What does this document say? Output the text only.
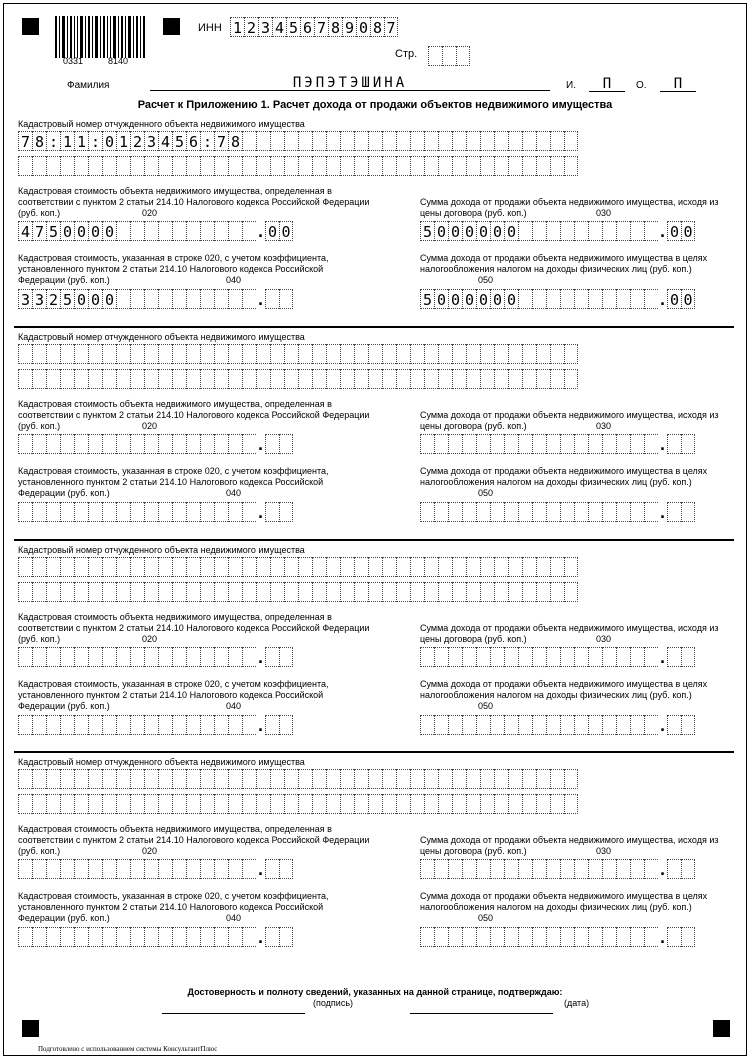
0331	8140
ИНН 1 2 3 4 5 6 7 8 9 0 8 7
Стр.
Фамилия	ПЭПЭТЭШИНА	И.	П	О.	П
Расчет к Приложению 1. Расчет дохода от продажи объектов недвижимого имущества
Кадастровый номер отчужденного объекта недвижимого имущества
7 8 : 1 1 : 0 1 2 3 4 5 6 : 7 8
Кадастровая стоимость объекта недвижимого имущества, определенная в соответствии с пунктом 2 статьи 214.10 Налогового кодекса Российской Федерации (руб. коп.)	020
4 7 5 0 0 0 0	. 0 0
Сумма дохода от продажи объекта недвижимого имущества, исходя из цены договора (руб. коп.)	030
5 0 0 0 0 0 0	. 0 0
Кадастровая стоимость, указанная в строке 020, с учетом коэффициента, установленного пунктом 2 статьи 214.10 Налогового кодекса Российской Федерации (руб. коп.)	040
3 3 2 5 0 0 0	.
Сумма дохода от продажи объекта недвижимого имущества в целях налогообложения налогом на доходы физических лиц (руб. коп.)
050
5 0 0 0 0 0 0	. 0 0
Кадастровый номер отчужденного объекта недвижимого имущества
Кадастровая стоимость объекта недвижимого имущества, определенная в соответствии с пунктом 2 статьи 214.10 Налогового кодекса Российской Федерации (руб. коп.)	020
.
Сумма дохода от продажи объекта недвижимого имущества, исходя из цены договора (руб. коп.)	030
.
Кадастровая стоимость, указанная в строке 020, с учетом коэффициента, установленного пунктом 2 статьи 214.10 Налогового кодекса Российской Федерации (руб. коп.)	040
.
Сумма дохода от продажи объекта недвижимого имущества в целях налогообложения налогом на доходы физических лиц (руб. коп.)
050
.
Кадастровый номер отчужденного объекта недвижимого имущества
Кадастровая стоимость объекта недвижимого имущества, определенная в соответствии с пунктом 2 статьи 214.10 Налогового кодекса Российской Федерации (руб. коп.)	020
.
Сумма дохода от продажи объекта недвижимого имущества, исходя из цены договора (руб. коп.)	030
.
Кадастровая стоимость, указанная в строке 020, с учетом коэффициента, установленного пунктом 2 статьи 214.10 Налогового кодекса Российской Федерации (руб. коп.)	040
.
Сумма дохода от продажи объекта недвижимого имущества в целях налогообложения налогом на доходы физических лиц (руб. коп.)
050
.
Кадастровый номер отчужденного объекта недвижимого имущества
Кадастровая стоимость объекта недвижимого имущества, определенная в соответствии с пунктом 2 статьи 214.10 Налогового кодекса Российской Федерации (руб. коп.)	020
.
Сумма дохода от продажи объекта недвижимого имущества, исходя из цены договора (руб. коп.)	030
.
Кадастровая стоимость, указанная в строке 020, с учетом коэффициента, установленного пунктом 2 статьи 214.10 Налогового кодекса Российской Федерации (руб. коп.)	040
.
Сумма дохода от продажи объекта недвижимого имущества в целях налогообложения налогом на доходы физических лиц (руб. коп.)
050
.
Достоверность и полноту сведений, указанных на данной странице, подтверждаю:
(подпись)	(дата)
Подготовлено с использованием системы КонсультантПлюс
